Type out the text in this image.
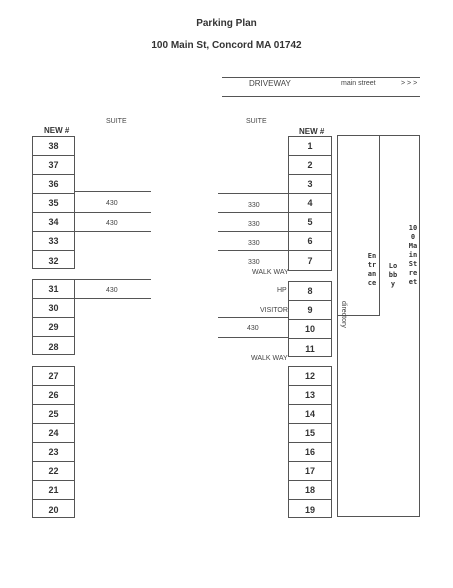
Parking Plan
100 Main St, Concord MA 01742
DRIVEWAY	main street	> > >
SUITE	SUITE
NEW #	NEW #
38
37
36
35
34
33
32
430
430
31
30
29
28
430
27
26
25
24
23
22
21
20
1
2
3
4
5
6
7
330
330
330
330
WALK WAY
8
9
10
11
HP
VISITOR
430
WALK WAY
12
13
14
15
16
17
18
19
directory
Entrance
Lobby
100 Main Street
